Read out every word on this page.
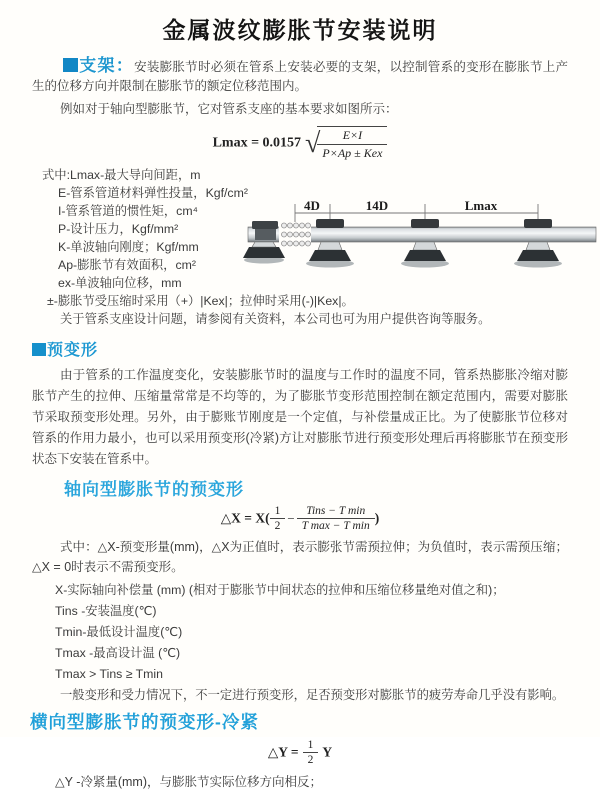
金属波纹膨胀节安装说明

支架：安装膨胀节时必须在管系上安装必要的支架，以控制管系的变形在膨胀节上产生的位移方向并限制在膨胀节的额定位移范围内。

例如对于轴向型膨胀节，它对管系支座的基本要求如图所示：

Lmax = 0.0157 √
$\frac{E\times I}{\text{P×Ap ± Kex}}$
式中:Lmax-最大导向间距，m
E-管系管道材料弹性投量，Kgf/cm²
I-管系管道的惯性矩，cm⁴
P-设计压力，Kgf/mm²
K-单波轴向刚度；Kgf/mm
Ap-膨胀节有效面积，cm²
ex-单波轴向位移，mm
±-膨胀节受压缩时采用（+）|Kex|；拉伸时采用(-)|Kex|。
关于管系支座设计问题，请参阅有关资料，本公司也可为用户提供咨询等服务。
4D	14D	Lmax
预变形

由于管系的工作温度变化，安装膨胀节时的温度与工作时的温度不同，管系热膨胀冷缩对膨胀节产生的拉伸、压缩量常常是不均等的，为了膨胀节变形范围控制在额定范围内，需要对膨胀节采取预变形处理。另外，由于膨账节刚度是一个定值，与补偿量成正比。为了使膨胀节位移对管系的作用力最小，也可以采用预变形(冷紧)方让对膨胀节进行预变形处理后再将膨胀节在预变形状态下安装在管系中。

轴向型膨胀节的预变形
△X = $X( \frac{1}{2} - \frac{\text{Tins − T min}}{\text{T max − T min}}$ )

式中：△X-预变形量(mm)，△X为正值时，表示膨张节需预拉伸；为负值时，表示需预压缩；△X = 0时表示不需预变形。

X-实际轴向补偿量 (mm) (相对于膨胀节中间状态的拉伸和压缩位移量绝对值之和)；
Tins -安装温度(℃)
Tmin-最低设计温度(℃)
Tmax -最高设计温 (℃)
Tmax > Tins ≥ Tmin
一般变形和受力情况下，不一定进行预变形，足否预变形对膨胀节的疲劳寿命几乎没有影响。
横向型膨胀节的预变形-冷紧
△Y = $\frac{1}{2}$ Y

△Y -冷紧量(mm)，与膨胀节实际位移方向相反；
